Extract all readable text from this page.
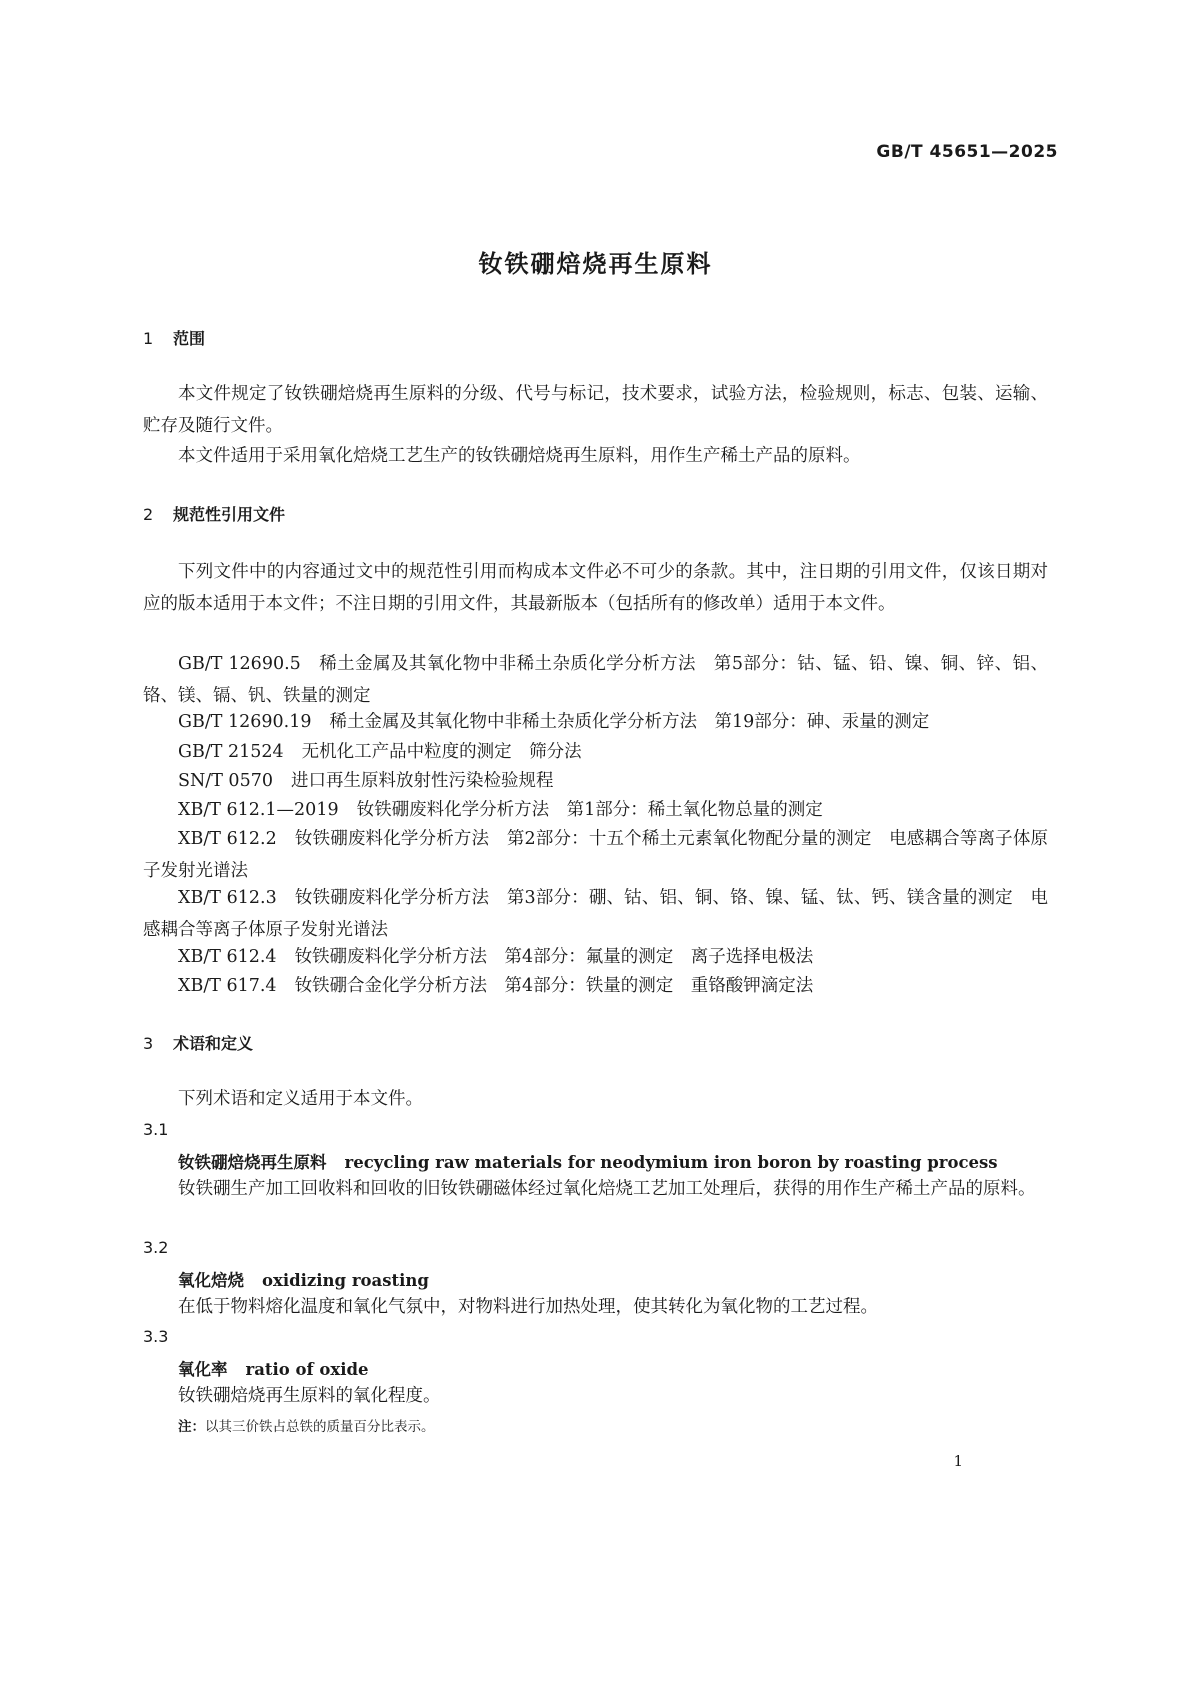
GB/T 45651—2025
钕铁硼焙烧再生原料
1 范围
本文件规定了钕铁硼焙烧再生原料的分级、代号与标记，技术要求，试验方法，检验规则，标志、包装、运输、贮存及随行文件。
本文件适用于采用氧化焙烧工艺生产的钕铁硼焙烧再生原料，用作生产稀土产品的原料。
2 规范性引用文件
下列文件中的内容通过文中的规范性引用而构成本文件必不可少的条款。其中，注日期的引用文件，仅该日期对应的版本适用于本文件；不注日期的引用文件，其最新版本（包括所有的修改单）适用于本文件。
GB/T 12690.5 稀土金属及其氧化物中非稀土杂质化学分析方法　第5部分：钴、锰、铅、镍、铜、锌、铝、铬、镁、镉、钒、铁量的测定
GB/T 12690.19 稀土金属及其氧化物中非稀土杂质化学分析方法　第19部分：砷、汞量的测定
GB/T 21524 无机化工产品中粒度的测定　筛分法
SN/T 0570 进口再生原料放射性污染检验规程
XB/T 612.1—2019 钕铁硼废料化学分析方法　第1部分：稀土氧化物总量的测定
XB/T 612.2 钕铁硼废料化学分析方法　第2部分：十五个稀土元素氧化物配分量的测定　电感耦合等离子体原子发射光谱法
XB/T 612.3 钕铁硼废料化学分析方法　第3部分：硼、钴、铝、铜、铬、镍、锰、钛、钙、镁含量的测定　电感耦合等离子体原子发射光谱法
XB/T 612.4 钕铁硼废料化学分析方法　第4部分：氟量的测定　离子选择电极法
XB/T 617.4 钕铁硼合金化学分析方法　第4部分：铁量的测定　重铬酸钾滴定法
3 术语和定义
下列术语和定义适用于本文件。
3.1
钕铁硼焙烧再生原料 recycling raw materials for neodymium iron boron by roasting process
钕铁硼生产加工回收料和回收的旧钕铁硼磁体经过氧化焙烧工艺加工处理后，获得的用作生产稀土产品的原料。
3.2
氧化焙烧 oxidizing roasting
在低于物料熔化温度和氧化气氛中，对物料进行加热处理，使其转化为氧化物的工艺过程。
3.3
氧化率 ratio of oxide
钕铁硼焙烧再生原料的氧化程度。
注：以其三价铁占总铁的质量百分比表示。
1
